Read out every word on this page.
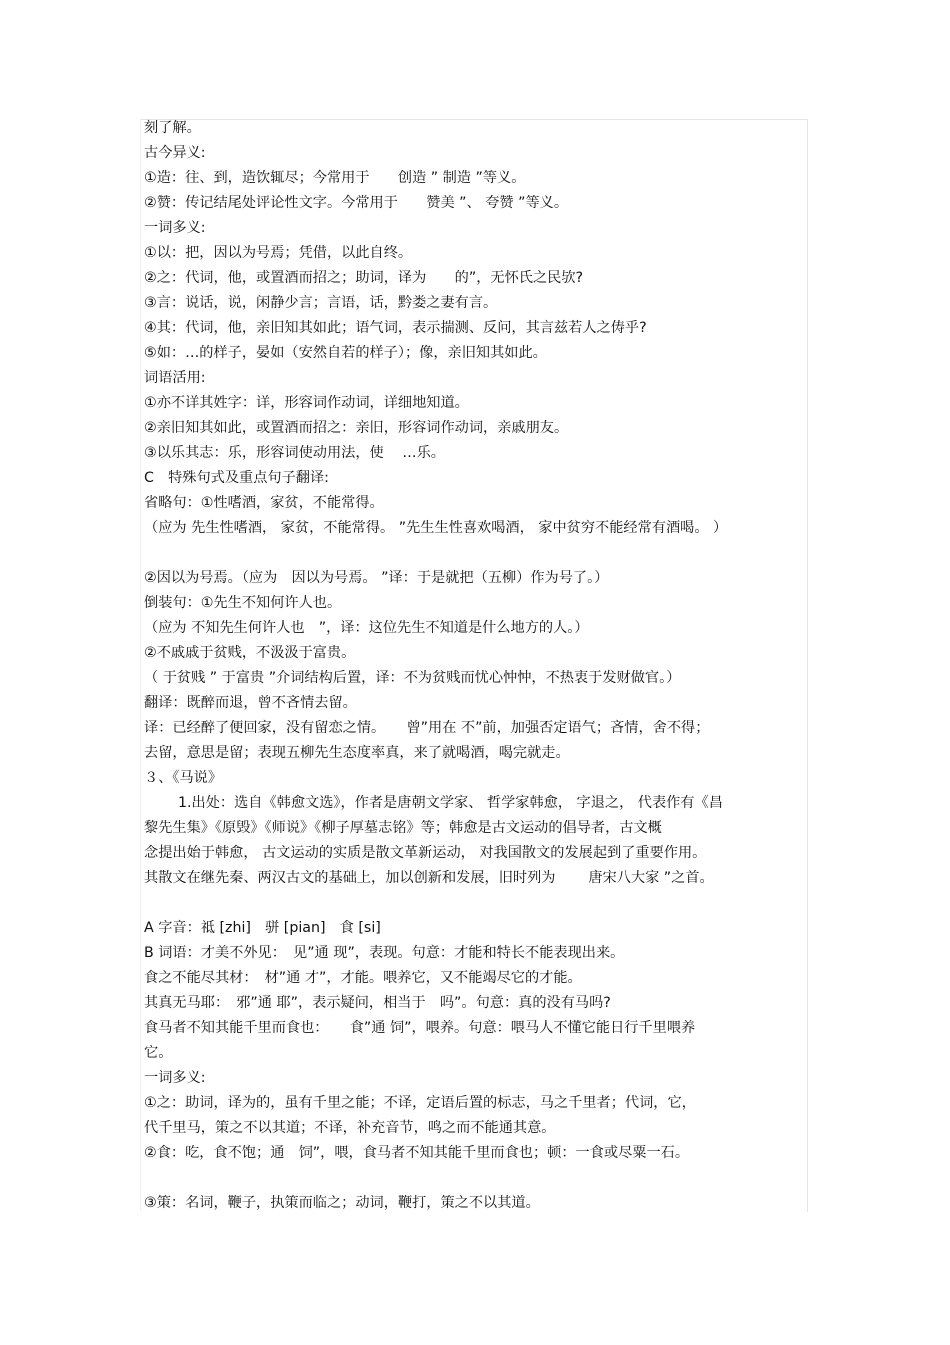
刻了解。
古今异义:
①造：往、到，造饮辄尽；今常用于　　创造 ” 制造 ”等义。
②赞：传记结尾处评论性文字。今常用于　　赞美 ”、 夸赞 ”等义。
一词多义:
①以：把，因以为号焉；凭借，以此自终。
②之：代词，他，或置酒而招之；助词，译为　　的”，无怀氏之民欤?
③言：说话，说，闲静少言；言语，话，黔娄之妻有言。
④其：代词，他，亲旧知其如此；语气词，表示揣测、反问，其言兹若人之俦乎?
⑤如：…的样子，晏如（安然自若的样子）；像，亲旧知其如此。
词语活用:
①亦不详其姓字：详，形容词作动词，详细地知道。
②亲旧知其如此，或置酒而招之：亲旧，形容词作动词，亲戚朋友。
③以乐其志：乐，形容词使动用法，使　 …乐。
C　特殊句式及重点句子翻译:
省略句：①性嗜酒，家贫，不能常得。
（应为 先生性嗜酒， 家贫，不能常得。 ”先生生性喜欢喝酒， 家中贫穷不能经常有酒喝。 ）
②因以为号焉。（应为　因以为号焉。 ”译：于是就把（五柳）作为号了。）
倒装句：①先生不知何许人也。
（应为 不知先生何许人也　”，译：这位先生不知道是什么地方的人。）
②不戚戚于贫贱，不汲汲于富贵。
（ 于贫贱 ” 于富贵 ”介词结构后置，译：不为贫贱而忧心忡忡，不热衷于发财做官。）
翻译：既醉而退，曾不吝情去留。
译：已经醉了便回家，没有留恋之情。　　曾”用在 不”前，加强否定语气；吝情，舍不得；
去留，意思是留；表现五柳先生态度率真，来了就喝酒，喝完就走。
３、《马说》
1.出处：选自《韩愈文选》，作者是唐朝文学家、 哲学家韩愈， 字退之， 代表作有《昌
黎先生集》《原毁》《师说》《柳子厚墓志铭》等；韩愈是古文运动的倡导者，古文概
念提出始于韩愈， 古文运动的实质是散文革新运动， 对我国散文的发展起到了重要作用。
其散文在继先秦、两汉古文的基础上，加以创新和发展，旧时列为　　 唐宋八大家 ”之首。
A 字音：祗 [zhi]　骈 [pian]　食 [si]
B 词语：才美不外见：　见”通 现”，表现。句意：才能和特长不能表现出来。
食之不能尽其材：　材”通 才”，才能。喂养它，又不能竭尽它的才能。
其真无马耶：　邪”通 耶”，表示疑问，相当于　吗”。句意：真的没有马吗?
食马者不知其能千里而食也：　　食”通 饲”，喂养。句意：喂马人不懂它能日行千里喂养
它。
一词多义:
①之：助词，译为的，虽有千里之能；不译，定语后置的标志，马之千里者；代词，它，
代千里马，策之不以其道；不译，补充音节，鸣之而不能通其意。
②食：吃，食不饱；通　饲”，喂，食马者不知其能千里而食也；顿：一食或尽粟一石。
③策：名词，鞭子，执策而临之；动词，鞭打，策之不以其道。
